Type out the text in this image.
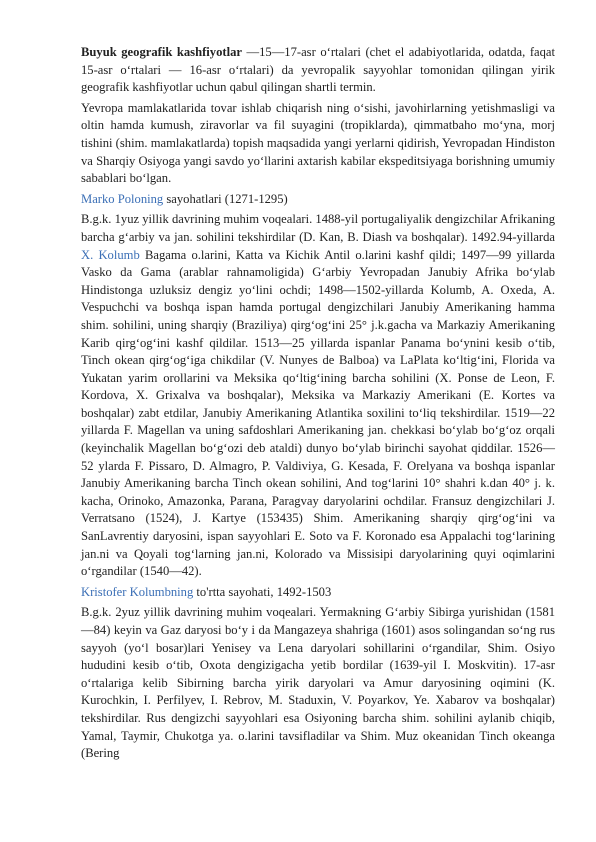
Buyuk geografik kashfiyotlar —15—17-asr oʻrtalari (chet el adabiyotlarida, odatda, faqat 15-asr oʻrtalari — 16-asr oʻrtalari) da yevropalik sayyohlar tomonidan qilingan yirik geografik kashfiyotlar uchun qabul qilingan shartli termin.

Yevropa mamlakatlarida tovar ishlab chiqarish ning oʻsishi, javohirlarning yetishmasligi va oltin hamda kumush, ziravorlar va fil suyagini (tropiklarda), qimmatbaho moʻyna, morj tishini (shim. mamlakatlarda) topish maqsadida yangi yerlarni qidirish, Yevropadan Hindiston va Sharqiy Osiyoga yangi savdo yoʻllarini axtarish kabilar ekspeditsiyaga borishning umumiy sabablari boʻlgan.

Marko Poloning sayohatlari (1271-1295)

B.g.k. 1yuz yillik davrining muhim voqealari. 1488-yil portugaliyalik dengizchilar Afrikaning barcha gʻarbiy va jan. sohilini tekshirdilar (D. Kan, B. Diash va boshqalar). 1492.94-yillarda X. Kolumb Bagama o.larini, Katta va Kichik Antil o.larini kashf qildi; 1497—99 yillarda Vasko da Gama (arablar rahnamoligida) Gʻarbiy Yevropadan Janubiy Afrika boʻylab Hindistonga uzluksiz dengiz yoʻlini ochdi; 1498—1502-yillarda Kolumb, A. Oxeda, A. Vespuchchi va boshqa ispan hamda portugal dengizchilari Janubiy Amerikaning hamma shim. sohilini, uning sharqiy (Braziliya) qirgʻogʻini 25° j.k.gacha va Markaziy Amerikaning Karib qirgʻogʻini kashf qildilar. 1513—25 yillarda ispanlar Panama boʻynini kesib oʻtib, Tinch okean qirgʻogʻiga chikdilar (V. Nunyes de Balboa) va LaPlata koʻltigʻini, Florida va Yukatan yarim orollarini va Meksika qoʻltigʻining barcha sohilini (X. Ponse de Leon, F. Kordova, X. Grixalva va boshqalar), Meksika va Markaziy Amerikani (E. Kortes va boshqalar) zabt etdilar, Janubiy Amerikaning Atlantika soxilini toʻliq tekshirdilar. 1519—22 yillarda F. Magellan va uning safdoshlari Amerikaning jan. chekkasi boʻylab boʻgʻoz orqali (keyinchalik Magellan boʻgʻozi deb ataldi) dunyo boʻylab birinchi sayohat qiddilar. 1526—52 ylarda F. Pissaro, D. Almagro, P. Valdiviya, G. Kesada, F. Orelyana va boshqa ispanlar Janubiy Amerikaning barcha Tinch okean sohilini, And togʻlarini 10° shahri k.dan 40° j. k. kacha, Orinoko, Amazonka, Parana, Paragvay daryolarini ochdilar. Fransuz dengizchilari J. Verratsano (1524), J. Kartye (153435) Shim. Amerikaning sharqiy qirgʻogʻini va SanLavrentiy daryosini, ispan sayyohlari E. Soto va F. Koronado esa Appalachi togʻlarining jan.ni va Qoyali togʻlarning jan.ni, Kolorado va Missisipi daryolarining quyi oqimlarini oʻrgandilar (1540—42).

Kristofer Kolumbning to'rtta sayohati, 1492-1503

B.g.k. 2yuz yillik davrining muhim voqealari. Yermakning Gʻarbiy Sibirga yurishidan (1581—84) keyin va Gaz daryosi boʻy i da Mangazeya shahriga (1601) asos solingandan soʻng rus sayyoh (yoʻl bosar)lari Yenisey va Lena daryolari sohillarini oʻrgandilar, Shim. Osiyo hududini kesib oʻtib, Oxota dengizigacha yetib bordilar (1639-yil I. Moskvitin). 17-asr oʻrtalariga kelib Sibirning barcha yirik daryolari va Amur daryosining oqimini (K. Kurochkin, I. Perfilyev, I. Rebrov, M. Staduxin, V. Poyarkov, Ye. Xabarov va boshqalar) tekshirdilar. Rus dengizchi sayyohlari esa Osiyoning barcha shim. sohilini aylanib chiqib, Yamal, Taymir, Chukotga ya. o.larini tavsifladilar va Shim. Muz okeanidan Tinch okeanga (Bering
